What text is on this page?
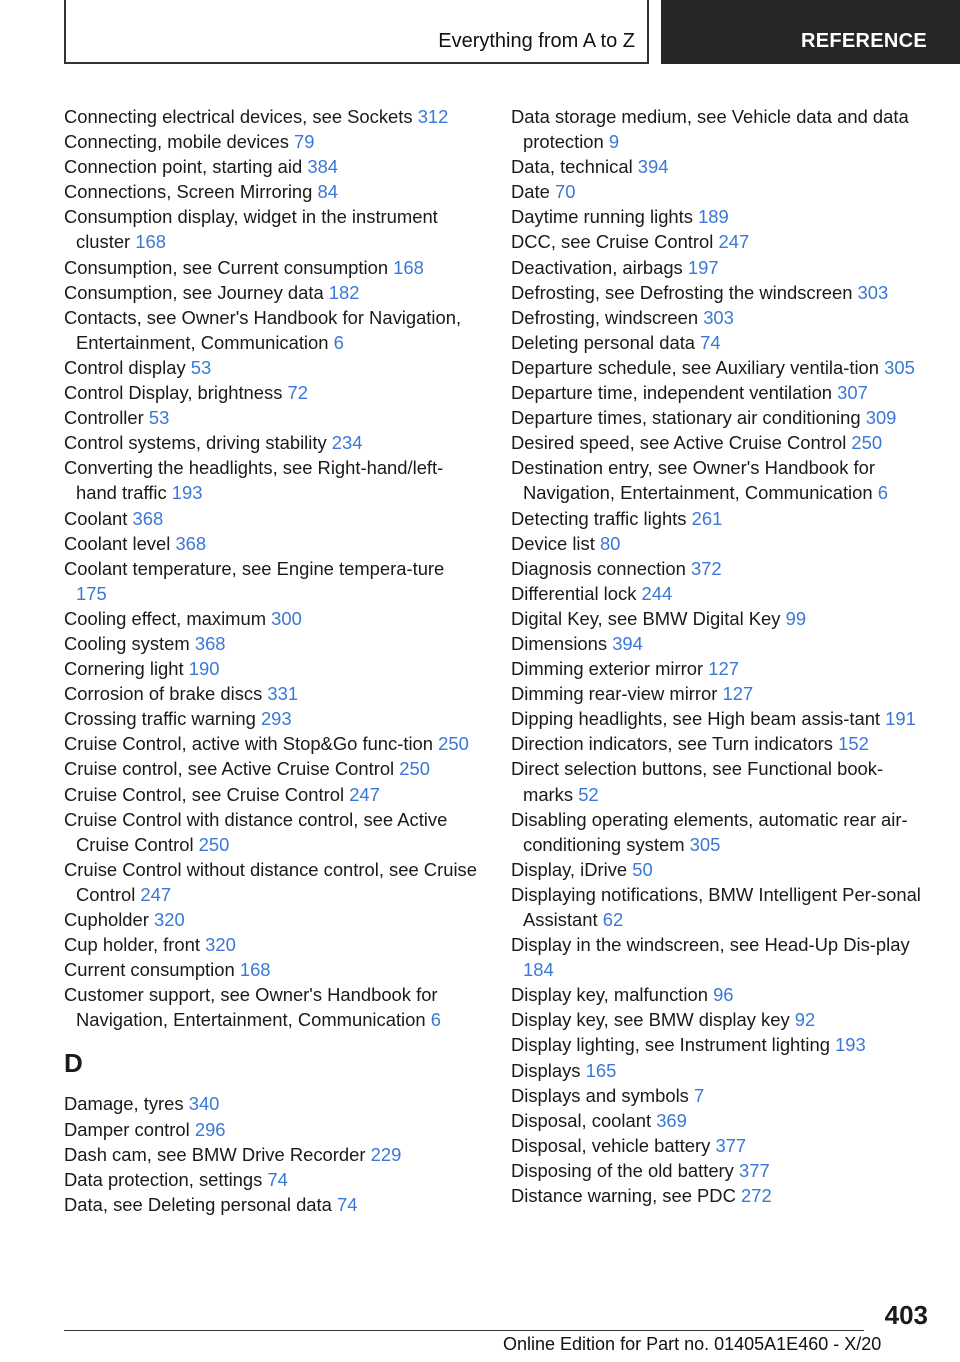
Everything from A to Z	REFERENCE
Connecting electrical devices, see Sockets 312
Connecting, mobile devices 79
Connection point, starting aid 384
Connections, Screen Mirroring 84
Consumption display, widget in the instrument cluster 168
Consumption, see Current consumption 168
Consumption, see Journey data 182
Contacts, see Owner's Handbook for Navigation, Entertainment, Communication 6
Control display 53
Control Display, brightness 72
Controller 53
Control systems, driving stability 234
Converting the headlights, see Right‐hand/left‐hand traffic 193
Coolant 368
Coolant level 368
Coolant temperature, see Engine tempera‐ture 175
Cooling effect, maximum 300
Cooling system 368
Cornering light 190
Corrosion of brake discs 331
Crossing traffic warning 293
Cruise Control, active with Stop&Go func‐tion 250
Cruise control, see Active Cruise Control 250
Cruise Control, see Cruise Control 247
Cruise Control with distance control, see Active Cruise Control 250
Cruise Control without distance control, see Cruise Control 247
Cupholder 320
Cup holder, front 320
Current consumption 168
Customer support, see Owner's Handbook for Navigation, Entertainment, Communication 6
D
Damage, tyres 340
Damper control 296
Dash cam, see BMW Drive Recorder 229
Data protection, settings 74
Data, see Deleting personal data 74
Data storage medium, see Vehicle data and data protection 9
Data, technical 394
Date 70
Daytime running lights 189
DCC, see Cruise Control 247
Deactivation, airbags 197
Defrosting, see Defrosting the windscreen 303
Defrosting, windscreen 303
Deleting personal data 74
Departure schedule, see Auxiliary ventila‐tion 305
Departure time, independent ventilation 307
Departure times, stationary air conditioning 309
Desired speed, see Active Cruise Control 250
Destination entry, see Owner's Handbook for Navigation, Entertainment, Communication 6
Detecting traffic lights 261
Device list 80
Diagnosis connection 372
Differential lock 244
Digital Key, see BMW Digital Key 99
Dimensions 394
Dimming exterior mirror 127
Dimming rear‐view mirror 127
Dipping headlights, see High beam assis‐tant 191
Direction indicators, see Turn indicators 152
Direct selection buttons, see Functional book‐marks 52
Disabling operating elements, automatic rear air-conditioning system 305
Display, iDrive 50
Displaying notifications, BMW Intelligent Per‐sonal Assistant 62
Display in the windscreen, see Head-Up Dis‐play 184
Display key, malfunction 96
Display key, see BMW display key 92
Display lighting, see Instrument lighting 193
Displays 165
Displays and symbols 7
Disposal, coolant 369
Disposal, vehicle battery 377
Disposing of the old battery 377
Distance warning, see PDC 272
403
Online Edition for Part no. 01405A1E460 - X/20
